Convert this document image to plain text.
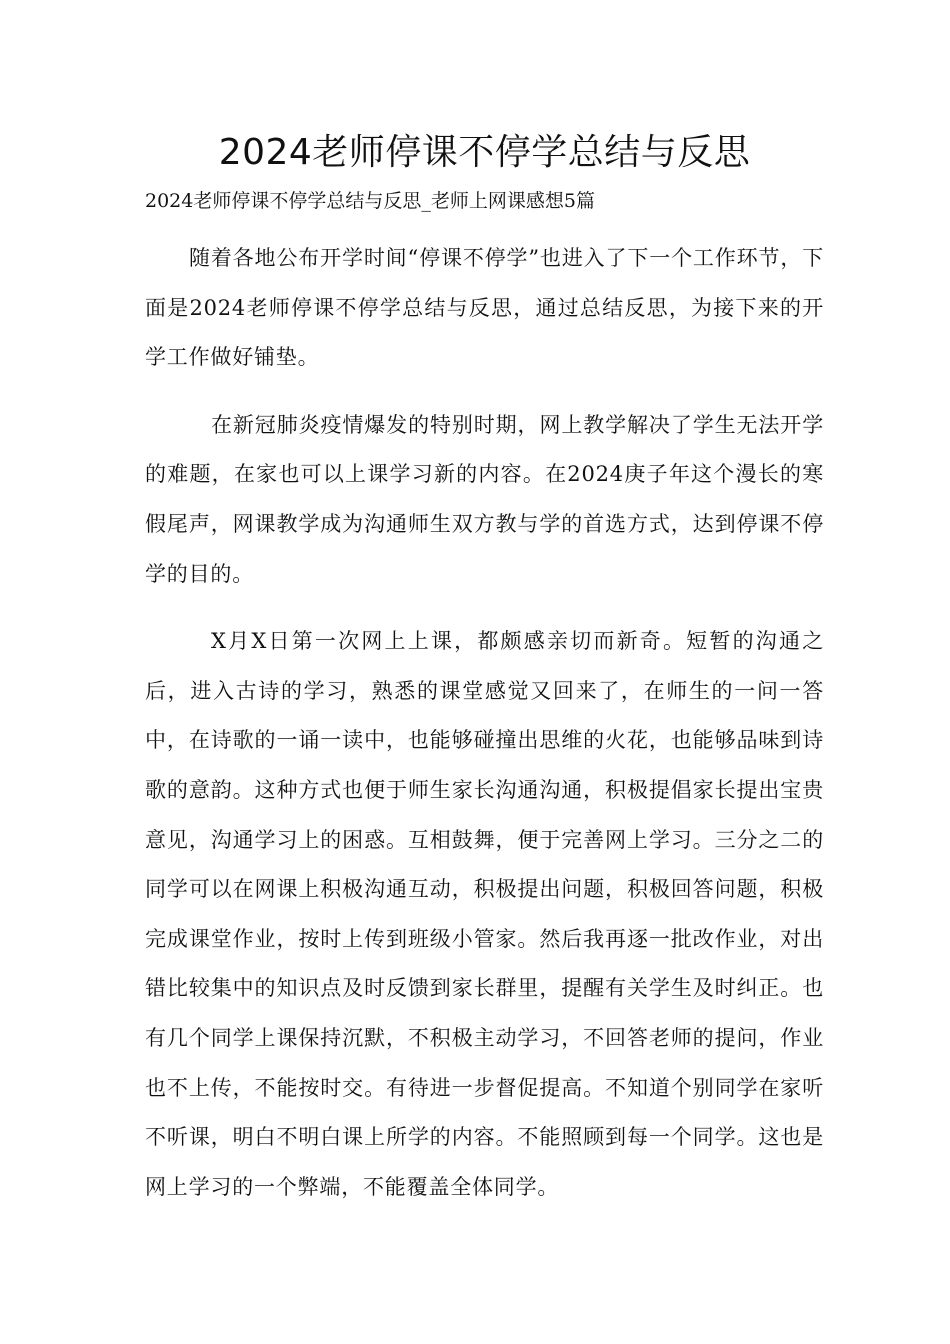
2024老师停课不停学总结与反思
2024老师停课不停学总结与反思_老师上网课感想5篇

随着各地公布开学时间“停课不停学”也进入了下一个工作环节，下面是2024老师停课不停学总结与反思，通过总结反思，为接下来的开学工作做好铺垫。

在新冠肺炎疫情爆发的特别时期，网上教学解决了学生无法开学的难题，在家也可以上课学习新的内容。在2024庚子年这个漫长的寒假尾声，网课教学成为沟通师生双方教与学的首选方式，达到停课不停学的目的。

X月X日第一次网上上课，都颇感亲切而新奇。短暂的沟通之后，进入古诗的学习，熟悉的课堂感觉又回来了，在师生的一问一答中，在诗歌的一诵一读中，也能够碰撞出思维的火花，也能够品味到诗歌的意韵。这种方式也便于师生家长沟通沟通，积极提倡家长提出宝贵意见，沟通学习上的困惑。互相鼓舞，便于完善网上学习。三分之二的同学可以在网课上积极沟通互动，积极提出问题，积极回答问题，积极完成课堂作业，按时上传到班级小管家。然后我再逐一批改作业，对出错比较集中的知识点及时反馈到家长群里，提醒有关学生及时纠正。也有几个同学上课保持沉默，不积极主动学习，不回答老师的提问，作业也不上传，不能按时交。有待进一步督促提高。不知道个别同学在家听不听课，明白不明白课上所学的内容。不能照顾到每一个同学。这也是网上学习的一个弊端，不能覆盖全体同学。
